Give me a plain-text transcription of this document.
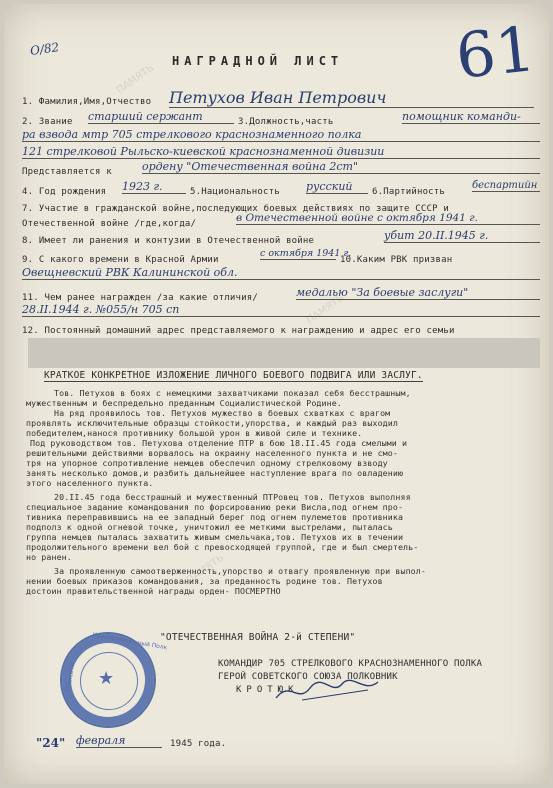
ПАМЯТЬ
ПАМЯТЬ
ПАМЯТЬ
О/82
НАГРАДНОЙ ЛИСТ 61
1. Фамилия,Имя,Отчество Петухов Иван Петрович
2. Звание старший сержант	3.Должность,часть	помощник команди-
ра взвода мтр 705 стрелкового краснознаменного полка
121 стрелковой Рыльско-киевской краснознаменной дивизии
Представляется к	ордену "Отечественная война 2ст"
4. Год рождения 1923 г.	5.Национальность русский	6.Партийность
беспартийн
7. Участие в гражданской войне,последующих боевых действиях по защите СССР и
Отечественной войне /где,когда/	в Отечественной войне с октября 1941 г.
8. Имеет ли ранения и контузии в Отечественной войне	убит 20.II.1945 г.
9. С какого времени в Красной Армии
с октября 1941 г.
10.Каким РВК призван
Овещневский РВК Калининской обл.
11. Чем ранее награжден /за какие отличия/	медалью "За боевые заслуги"
28.II.1944 г. №055/н 705 сп
12. Постоянный домашний адрес представляемого к награждению и адрес его семьи
КРАТКОЕ КОНКРЕТНОЕ ИЗЛОЖЕНИЕ ЛИЧНОГО БОЕВОГО ПОДВИГА ИЛИ ЗАСЛУГ.
Тов. Петухов в боях с немецкими захватчиками показал себя бесстрашным,
мужественным и беспредельно преданным Социалистической Родине.
На ряд проявилось тов. Петухов мужество в боевых схватках с врагом
проявлять исключительные образцы стойкости,упорства, и каждый раз выходил
победителем,нанося противнику большой урон в живой силе и технике.
Под руководством тов. Петухова отделение ПТР в бою 18.II.45 года смелыми и
решительными действиями ворвалось на окраину населенного пункта и не смо-
тря на упорное сопротивление немцев обеспечил одному стрелковому взводу
занять несколько домов,и разбить дальнейшее наступление врага по овладению
этого населенного пункта.
20.II.45 года бесстрашный и мужественный ПТРовец тов. Петухов выполняя
специальное задание командования по форсированию реки Висла,под огнем про-
тивника переправившись на ее западный берег под огнем пулеметов противника
подполз к одной огневой точке, уничтожил ее меткими выстрелами, пыталась
группа немцев пыталась захватить живым смельчака,тов. Петухов их в течении
продолжительного времени вел бой с превосходящей группой, где и был смертель-
но ранен.
За проявленную самоотверженность,упорство и отвагу проявленную при выпол-
нении боевых приказов командования, за преданность родине тов. Петухов
достоин правительственной награды орден- ПОСМЕРТНО
"ОТЕЧЕСТВЕННАЯ ВОЙНА 2-й СТЕПЕНИ"
Краснознаменный Полк
Трёхсотн ★
КОМАНДИР 705 СТРЕЛКОВОГО КРАСНОЗНАМЕННОГО ПОЛКА
ГЕРОЙ СОВЕТСКОГО СОЮЗА ПОЛКОВНИК
КРОТЮК
"24" февраля	1945 года.
